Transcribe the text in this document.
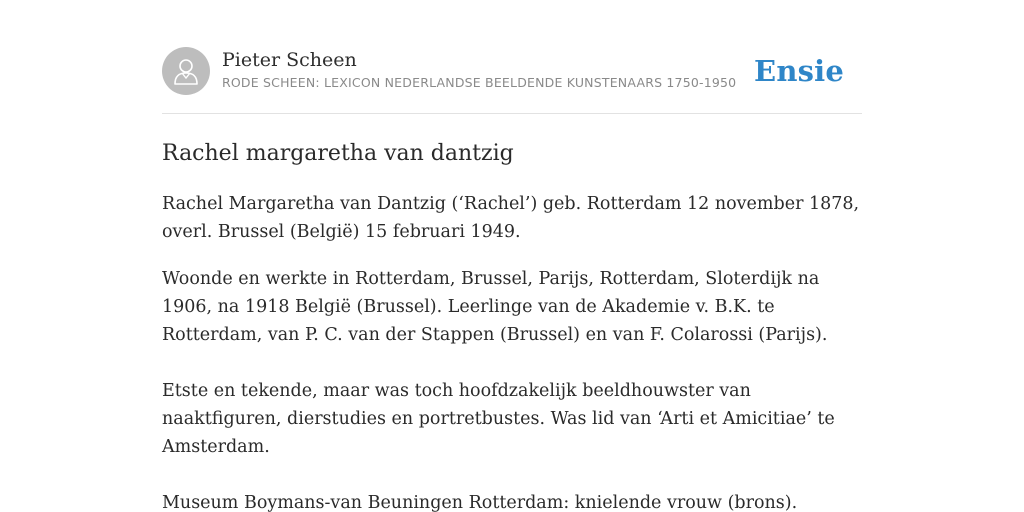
Pieter Scheen
RODE SCHEEN: LEXICON NEDERLANDSE BEELDENDE KUNSTENAARS 1750-1950 Ensie
Rachel margaretha van dantzig

Rachel Margaretha van Dantzig (‘Rachel’) geb. Rotterdam 12 november 1878, overl. Brussel (België) 15 februari 1949.

Woonde en werkte in Rotterdam, Brussel, Parijs, Rotterdam, Sloterdijk na 1906, na 1918 België (Brussel). Leerlinge van de Akademie v. B.K. te Rotterdam, van P. C. van der Stappen (Brussel) en van F. Colarossi (Parijs).

Etste en tekende, maar was toch hoofdzakelijk beeldhouwster van naaktfiguren, dierstudies en portretbustes. Was lid van ‘Arti et Amicitiae’ te Amsterdam.

Museum Boymans-van Beuningen Rotterdam: knielende vrouw (brons).
